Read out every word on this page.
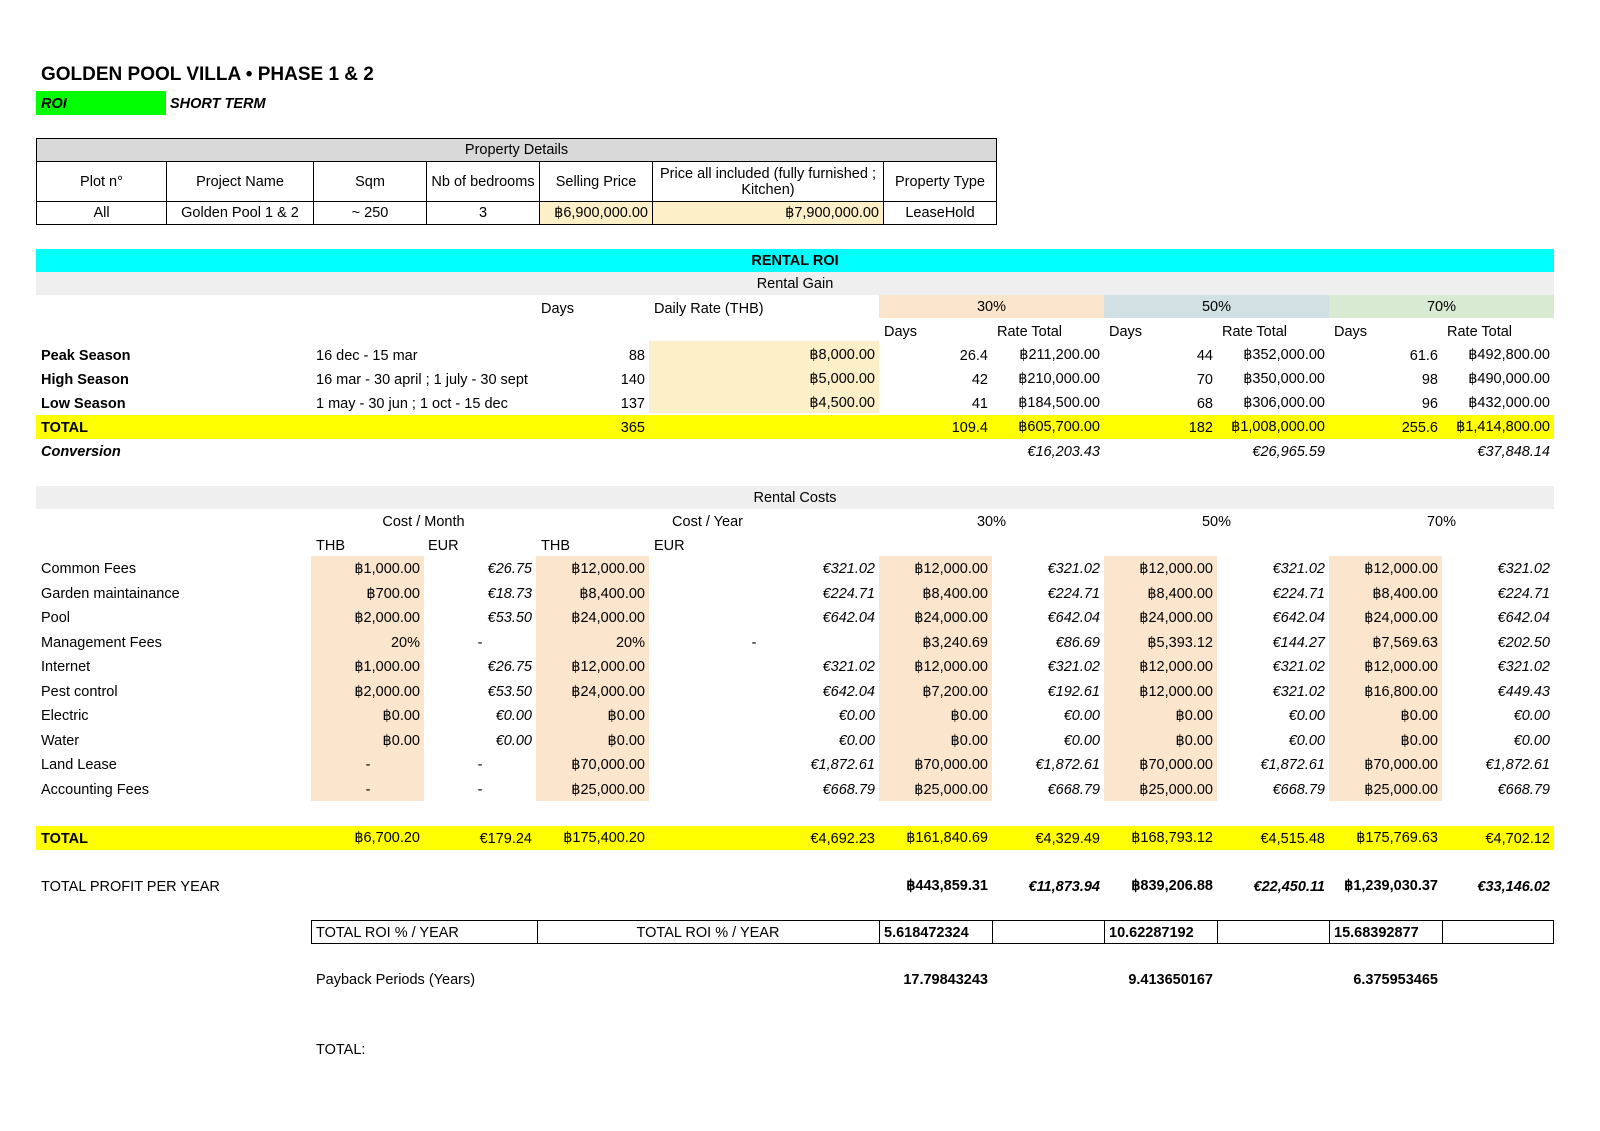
GOLDEN POOL VILLA • PHASE 1 & 2
ROI	SHORT TERM
Property Details						
Plot n°	Project Name	Sqm	Nb of bedrooms	Selling Price	Price all included (fully furnished ; Kitchen)	Property Type
All	Golden Pool 1 & 2	~ 250	3	฿6,900,000.00	฿7,900,000.00	LeaseHold
RENTAL ROI
Rental Gain
Days	Daily Rate (THB)	30%	50%	70%
Days	Rate Total	Days	Rate Total	Days	Rate Total
Peak Season	16 dec - 15 mar	88	฿8,000.00	26.4	฿211,200.00	44	฿352,000.00	61.6	฿492,800.00
High Season	16 mar - 30 april ; 1 july - 30 sept	140	฿5,000.00	42	฿210,000.00	70	฿350,000.00	98	฿490,000.00
Low Season	1 may - 30 jun ; 1 oct - 15 dec	137	฿4,500.00	41	฿184,500.00	68	฿306,000.00	96	฿432,000.00
TOTAL	365	109.4	฿605,700.00	182	฿1,008,000.00	255.6	฿1,414,800.00
Conversion	€16,203.43	€26,965.59	€37,848.14
Rental Costs
Cost / Month	Cost / Year	30%	50%	70%
THB	EUR	THB	EUR
Common Fees	฿1,000.00	€26.75	฿12,000.00	€321.02	฿12,000.00	€321.02	฿12,000.00	€321.02	฿12,000.00	€321.02
Garden maintainance	฿700.00	€18.73	฿8,400.00	€224.71	฿8,400.00	€224.71	฿8,400.00	€224.71	฿8,400.00	€224.71
Pool	฿2,000.00	€53.50	฿24,000.00	€642.04	฿24,000.00	€642.04	฿24,000.00	€642.04	฿24,000.00	€642.04
Management Fees	20%	-	20%	-	฿3,240.69	€86.69	฿5,393.12	€144.27	฿7,569.63	€202.50
Internet	฿1,000.00	€26.75	฿12,000.00	€321.02	฿12,000.00	€321.02	฿12,000.00	€321.02	฿12,000.00	€321.02
Pest control	฿2,000.00	€53.50	฿24,000.00	€642.04	฿7,200.00	€192.61	฿12,000.00	€321.02	฿16,800.00	€449.43
Electric	฿0.00	€0.00	฿0.00	€0.00	฿0.00	€0.00	฿0.00	€0.00	฿0.00	€0.00
Water	฿0.00	€0.00	฿0.00	€0.00	฿0.00	€0.00	฿0.00	€0.00	฿0.00	€0.00
Land Lease	-	-	฿70,000.00	€1,872.61	฿70,000.00	€1,872.61	฿70,000.00	€1,872.61	฿70,000.00	€1,872.61
Accounting Fees	-	-	฿25,000.00	€668.79	฿25,000.00	€668.79	฿25,000.00	€668.79	฿25,000.00	€668.79
TOTAL	฿6,700.20	€179.24	฿175,400.20	€4,692.23	฿161,840.69	€4,329.49	฿168,793.12	€4,515.48	฿175,769.63	€4,702.12
TOTAL PROFIT PER YEAR	฿443,859.31	€11,873.94	฿839,206.88	€22,450.11	฿1,239,030.37	€33,146.02
TOTAL ROI % / YEAR	TOTAL ROI % / YEAR	5.618472324	10.62287192	15.68392877
Payback Periods (Years)	17.79843243	9.413650167	6.375953465
TOTAL:
